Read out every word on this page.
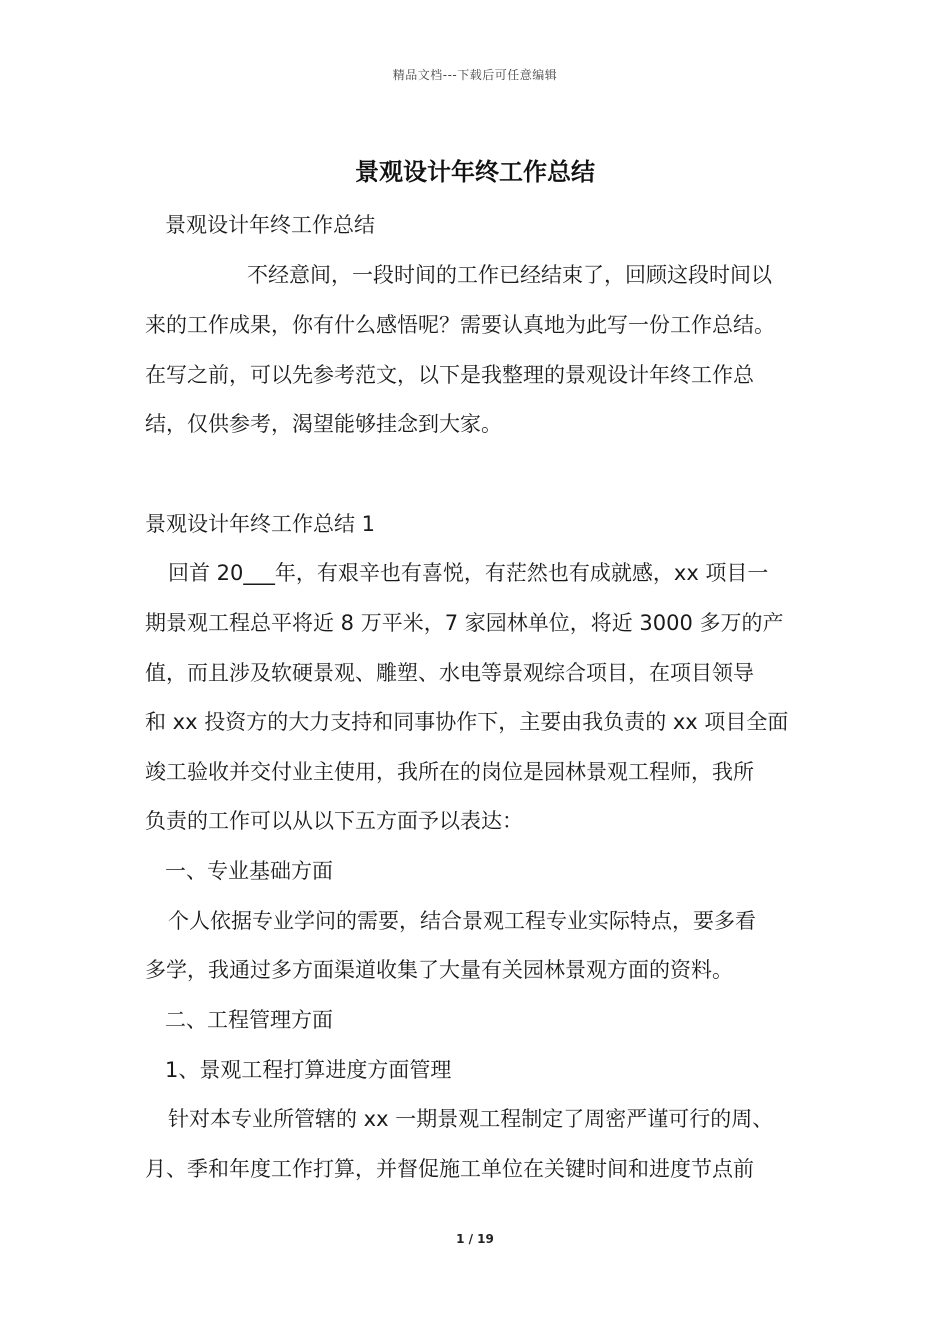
精品文档---下载后可任意编辑
景观设计年终工作总结
景观设计年终工作总结
不经意间，一段时间的工作已经结束了，回顾这段时间以
来的工作成果，你有什么感悟呢？需要认真地为此写一份工作总结。
在写之前，可以先参考范文，以下是我整理的景观设计年终工作总
结，仅供参考，渴望能够挂念到大家。
景观设计年终工作总结 1
回首 20___年，有艰辛也有喜悦，有茫然也有成就感，xx 项目一
期景观工程总平将近 8 万平米，7 家园林单位，将近 3000 多万的产
值，而且涉及软硬景观、雕塑、水电等景观综合项目，在项目领导
和 xx 投资方的大力支持和同事协作下，主要由我负责的 xx 项目全面
竣工验收并交付业主使用，我所在的岗位是园林景观工程师，我所
负责的工作可以从以下五方面予以表达：
一、专业基础方面
个人依据专业学问的需要，结合景观工程专业实际特点，要多看
多学，我通过多方面渠道收集了大量有关园林景观方面的资料。
二、工程管理方面
1、景观工程打算进度方面管理
针对本专业所管辖的 xx 一期景观工程制定了周密严谨可行的周、
月、季和年度工作打算，并督促施工单位在关键时间和进度节点前
1 / 19
